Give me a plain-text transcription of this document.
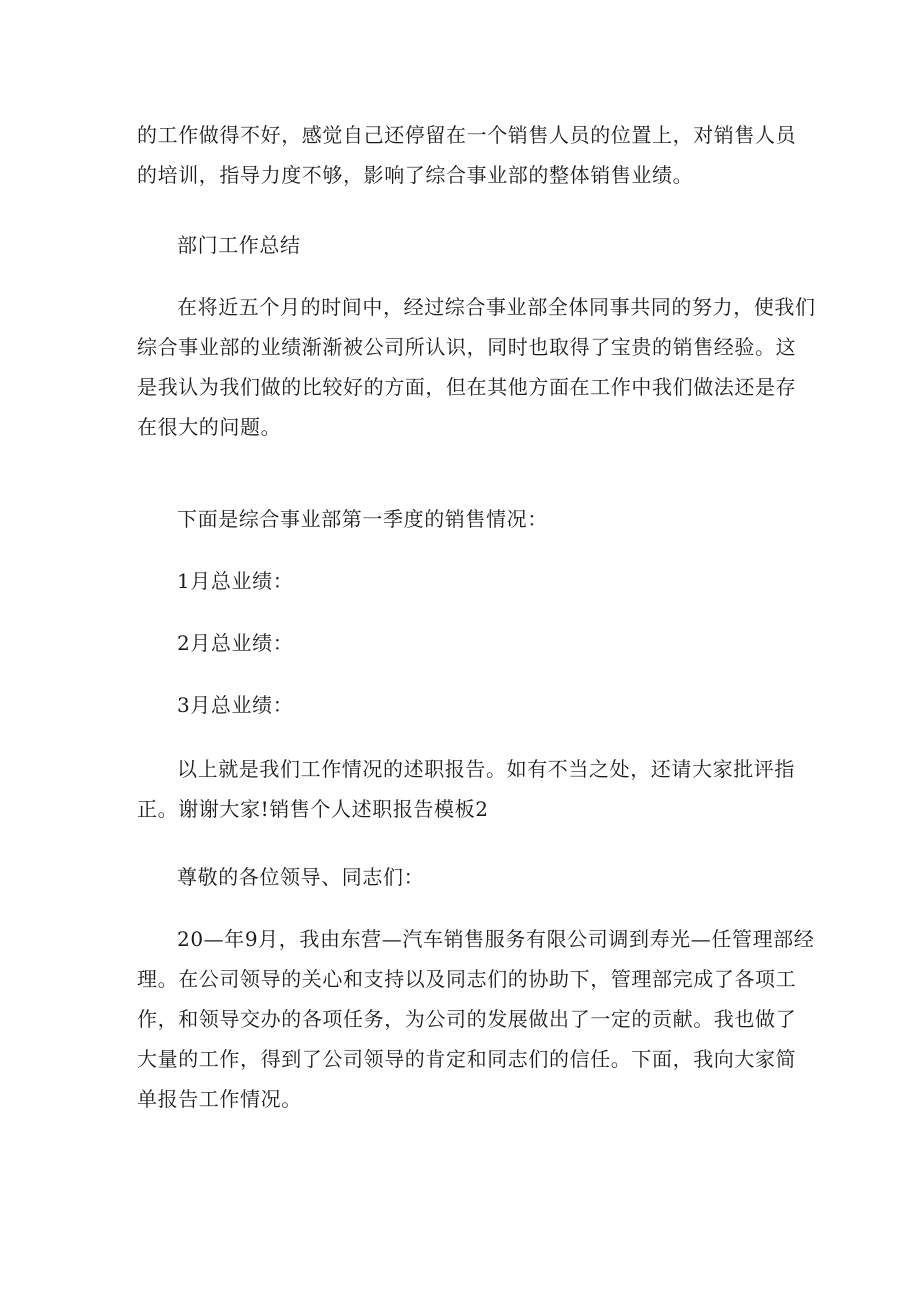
的工作做得不好，感觉自己还停留在一个销售人员的位置上，对销售人员
的培训，指导力度不够，影响了综合事业部的整体销售业绩。

部门工作总结

在将近五个月的时间中，经过综合事业部全体同事共同的努力，使我们
综合事业部的业绩渐渐被公司所认识，同时也取得了宝贵的销售经验。这
是我认为我们做的比较好的方面，但在其他方面在工作中我们做法还是存
在很大的问题。

下面是综合事业部第一季度的销售情况：

1月总业绩：

2月总业绩：

3月总业绩：

以上就是我们工作情况的述职报告。如有不当之处，还请大家批评指
正。谢谢大家!销售个人述职报告模板2

尊敬的各位领导、同志们：

20—年9月，我由东营—汽车销售服务有限公司调到寿光—任管理部经
理。在公司领导的关心和支持以及同志们的协助下，管理部完成了各项工
作，和领导交办的各项任务，为公司的发展做出了一定的贡献。我也做了
大量的工作，得到了公司领导的肯定和同志们的信任。下面，我向大家简
单报告工作情况。
